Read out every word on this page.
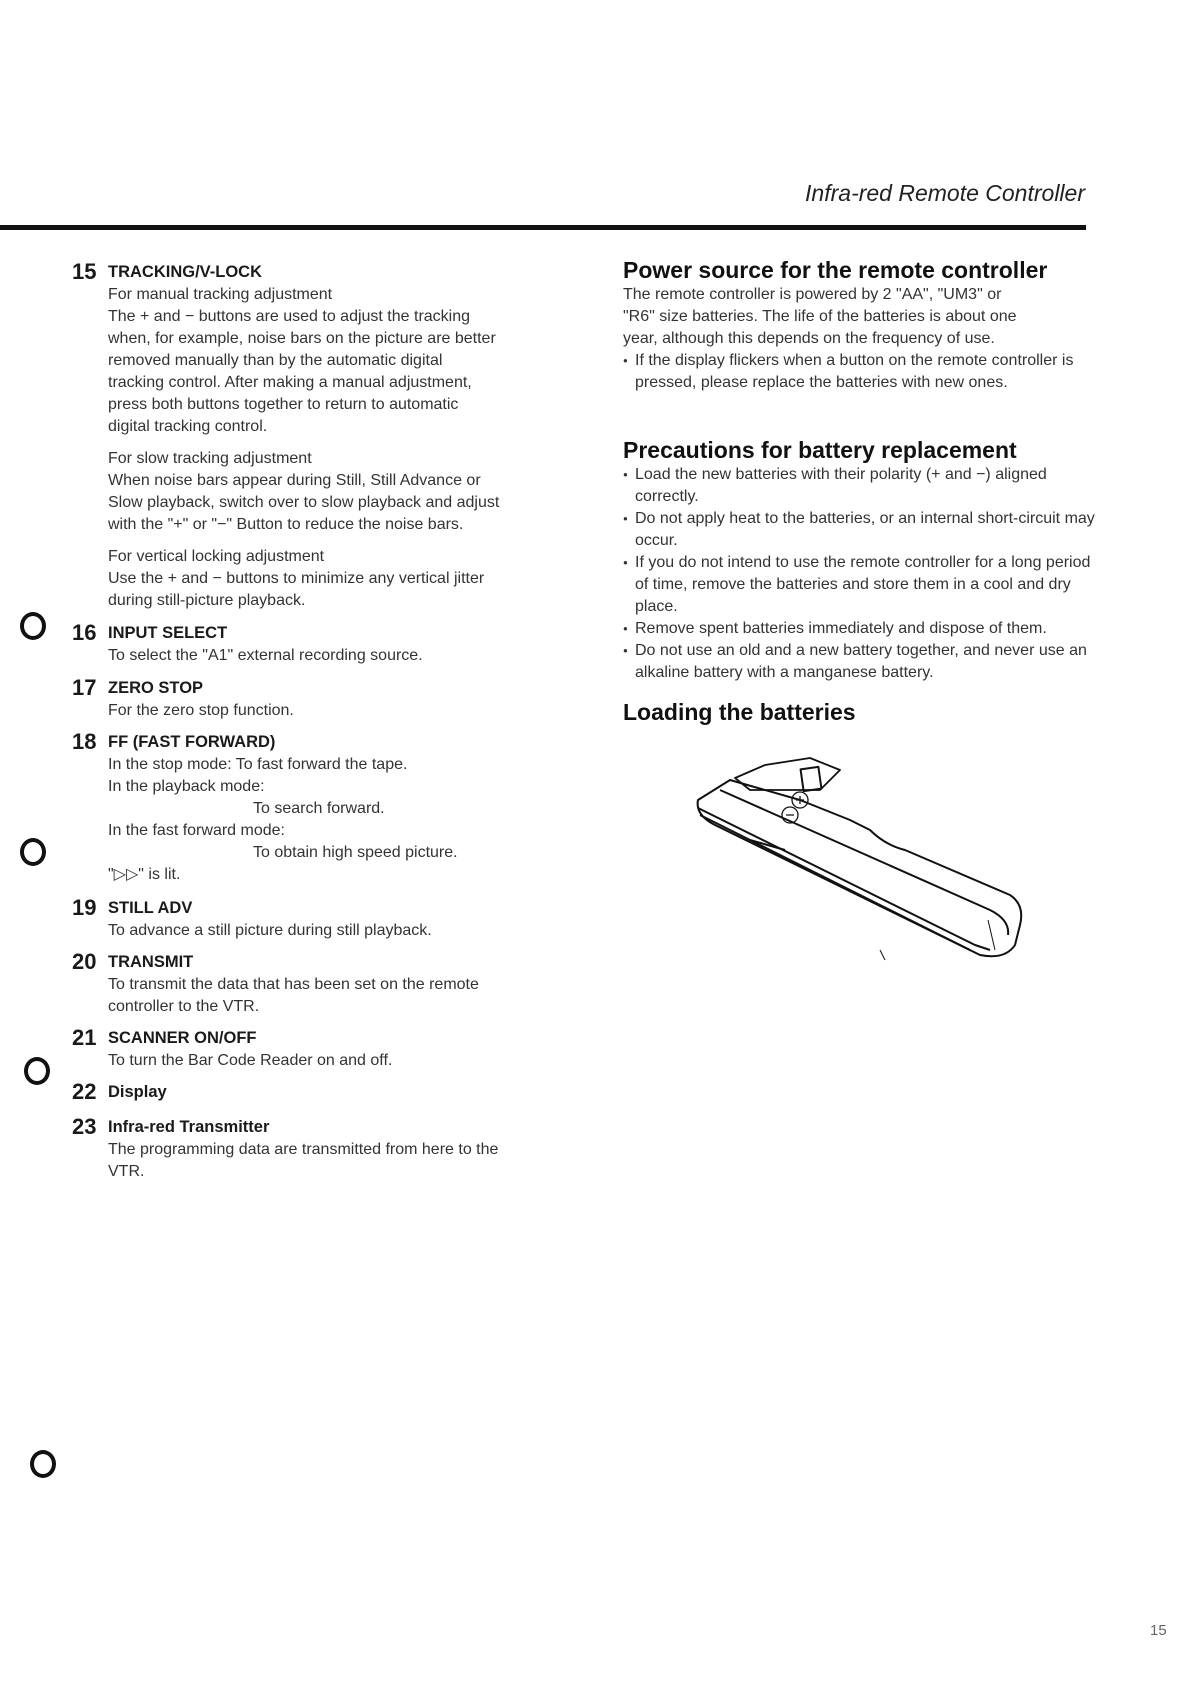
Infra-red Remote Controller
15 TRACKING/V-LOCK

For manual tracking adjustment
The + and − buttons are used to adjust the tracking
when, for example, noise bars on the picture are better
removed manually than by the automatic digital
tracking control. After making a manual adjustment,
press both buttons together to return to automatic
digital tracking control.

For slow tracking adjustment
When noise bars appear during Still, Still Advance or
Slow playback, switch over to slow playback and adjust
with the "+" or "−" Button to reduce the noise bars.

For vertical locking adjustment
Use the + and − buttons to minimize any vertical jitter
during still-picture playback.

16 INPUT SELECT
To select the "A1" external recording source.
17 ZERO STOP
For the zero stop function.
18 FF (FAST FORWARD)
In the stop mode: To fast forward the tape.
In the playback mode:
To search forward.
In the fast forward mode:
To obtain high speed picture.
"▷▷" is lit.
19 STILL ADV
To advance a still picture during still playback.
20 TRANSMIT
To transmit the data that has been set on the remote
controller to the VTR.
21 SCANNER ON/OFF
To turn the Bar Code Reader on and off.
22 Display
23 Infra-red Transmitter
The programming data are transmitted from here to the
VTR.
Power source for the remote controller
The remote controller is powered by 2 "AA", "UM3" or
"R6" size batteries. The life of the batteries is about one
year, although this depends on the frequency of use.
● If the display flickers when a button on the remote controller is pressed, please replace the batteries with new ones.
Precautions for battery replacement
● Load the new batteries with their polarity (+ and −) aligned correctly.
● Do not apply heat to the batteries, or an internal short-circuit may occur.
● If you do not intend to use the remote controller for a long period of time, remove the batteries and store them in a cool and dry place.
● Remove spent batteries immediately and dispose of them.
● Do not use an old and a new battery together, and never use an alkaline battery with a manganese battery.
Loading the batteries
15
